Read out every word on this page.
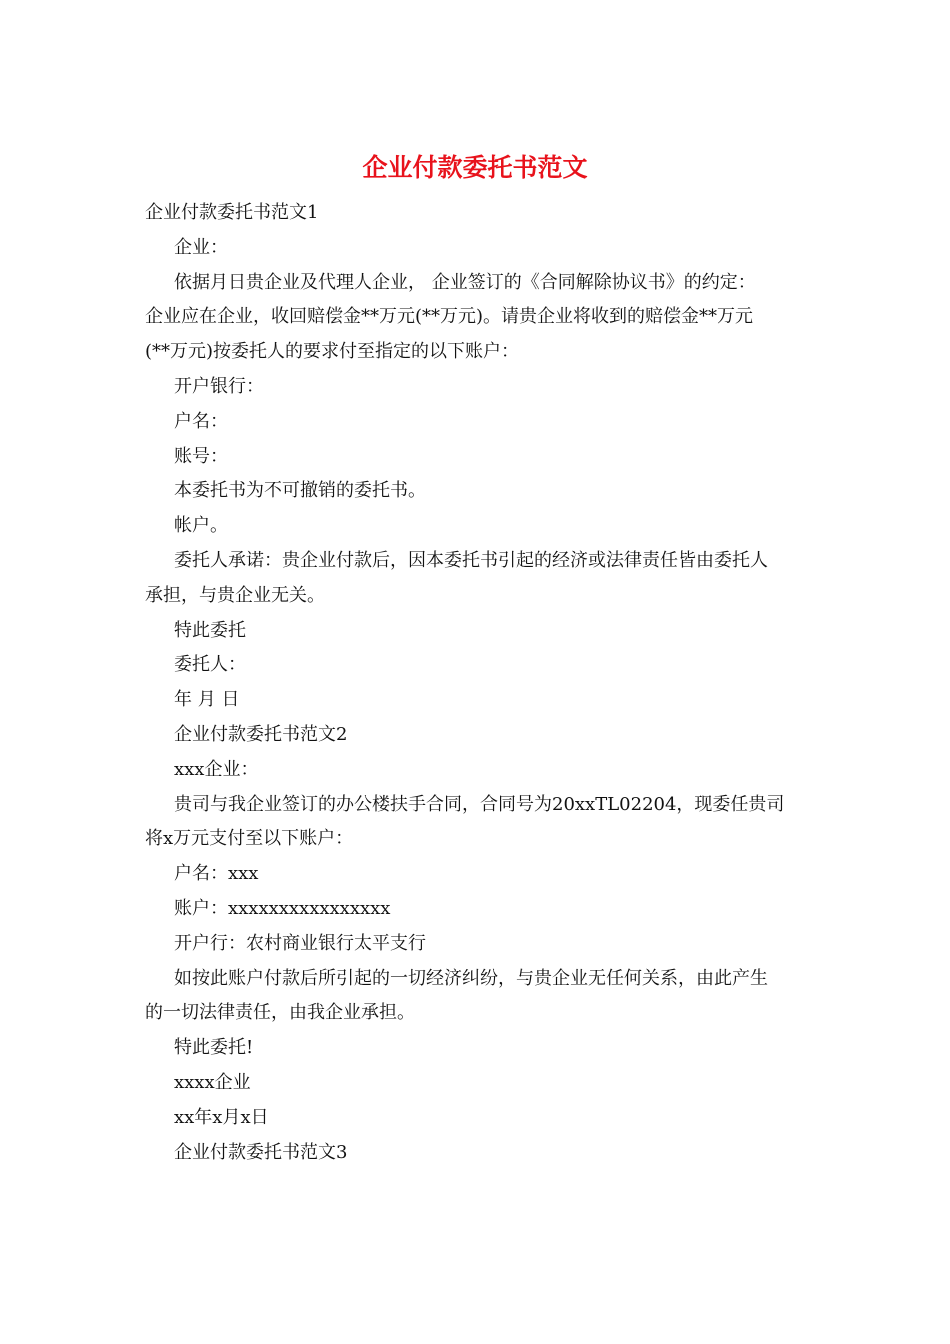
企业付款委托书范文
企业付款委托书范文1
企业：
依据月日贵企业及代理人企业， 企业签订的《合同解除协议书》的约定：
企业应在企业，收回赔偿金**万元(**万元)。请贵企业将收到的赔偿金**万元
(**万元)按委托人的要求付至指定的以下账户：
开户银行：
户名：
账号：
本委托书为不可撤销的委托书。
帐户。
委托人承诺：贵企业付款后，因本委托书引起的经济或法律责任皆由委托人
承担，与贵企业无关。
特此委托
委托人：
年 月 日
企业付款委托书范文2
xxx企业：
贵司与我企业签订的办公楼扶手合同，合同号为20xxTL02204，现委任贵司
将x万元支付至以下账户：
户名：xxx
账户：xxxxxxxxxxxxxxxx
开户行：农村商业银行太平支行
如按此账户付款后所引起的一切经济纠纷，与贵企业无任何关系，由此产生
的一切法律责任，由我企业承担。
特此委托!
xxxx企业
xx年x月x日
企业付款委托书范文3
